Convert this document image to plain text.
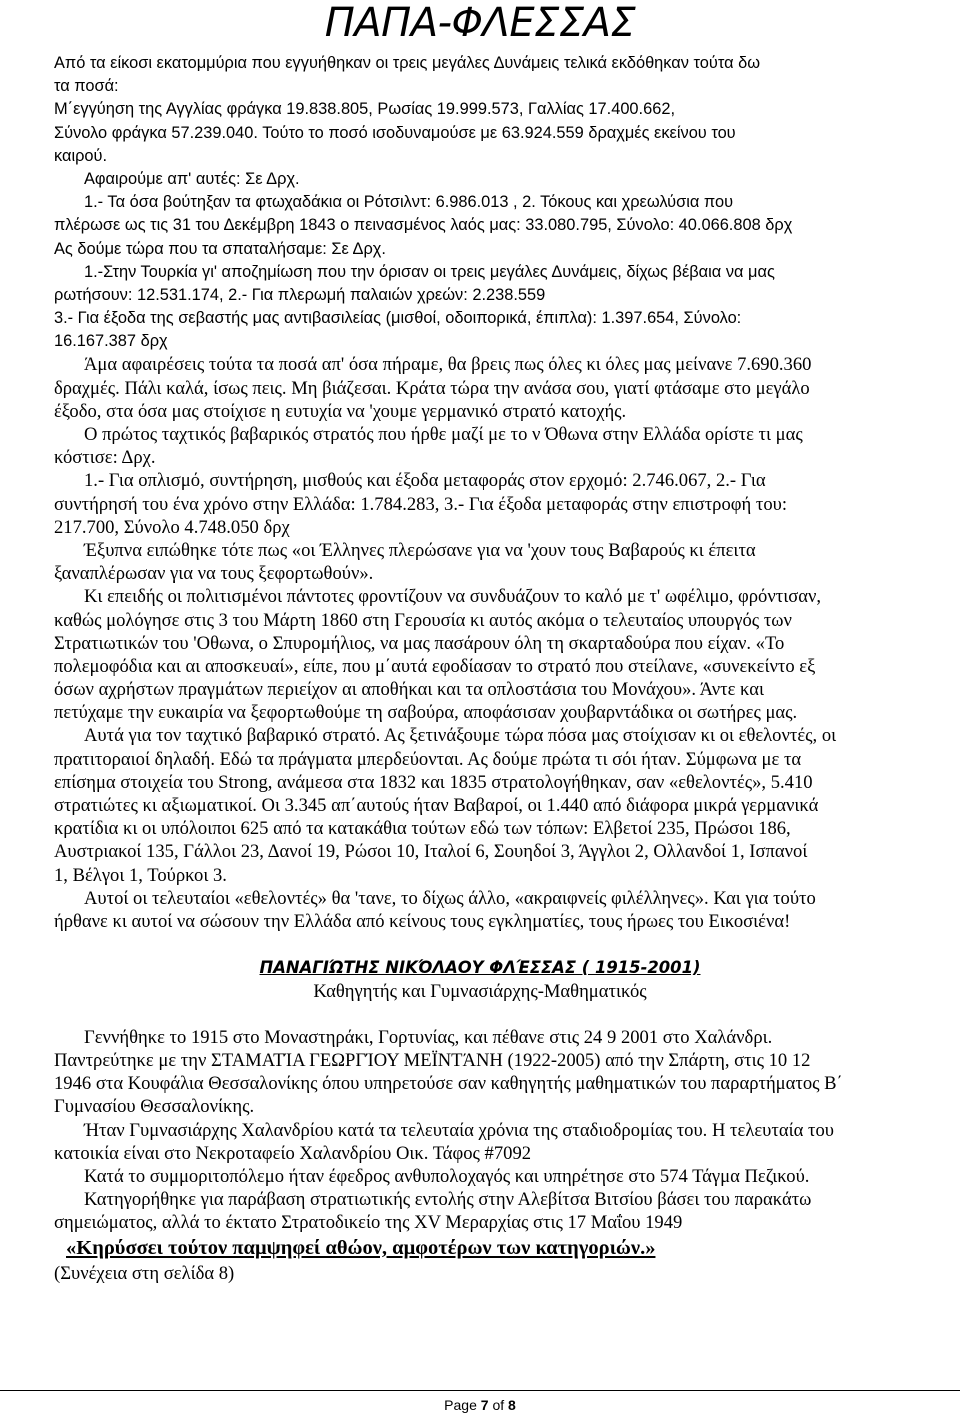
ΠΑΠΑ-ΦΛΕΣΣΑΣ
Από τα είκοσι εκατομμύρια που εγγυήθηκαν οι τρεις μεγάλες Δυνάμεις τελικά εκδόθηκαν τούτα δω
τα ποσά:
Μ΄εγγύηση της Αγγλίας φράγκα 19.838.805, Ρωσίας 19.999.573, Γαλλίας 17.400.662,
Σύνολο φράγκα 57.239.040. Τούτο το ποσό ισοδυναμούσε με 63.924.559 δραχμές εκείνου του
καιρού.
Αφαιρούμε απ' αυτές: Σε Δρχ.
1.- Τα όσα βούτηξαν τα φτωχαδάκια οι Ρότσιλντ: 6.986.013 , 2. Τόκους και χρεωλύσια που
πλέρωσε ως τις 31 του Δεκέμβρη 1843 ο πεινασμένος λαός μας: 33.080.795, Σύνολο: 40.066.808 δρχ
Ας δούμε τώρα που τα σπαταλήσαμε: Σε Δρχ.
1.-Στην Τουρκία γι' αποζημίωση που την όρισαν οι τρεις μεγάλες Δυνάμεις, δίχως βέβαια να μας
ρωτήσουν: 12.531.174, 2.- Για πλερωμή παλαιών χρεών: 2.238.559
3.- Για έξοδα της σεβαστής μας αντιβασιλείας (μισθοί, οδοιπορικά, έπιπλα): 1.397.654, Σύνολο:
16.167.387 δρχ
Άμα αφαιρέσεις τούτα τα ποσά απ' όσα πήραμε, θα βρεις πως όλες κι όλες μας μείνανε 7.690.360
δραχμές. Πάλι καλά, ίσως πεις. Μη βιάζεσαι. Κράτα τώρα την ανάσα σου, γιατί φτάσαμε στο μεγάλο
έξοδο, στα όσα μας στοίχισε η ευτυχία να 'χουμε γερμανικό στρατό κατοχής.
Ο πρώτος ταχτικός βαβαρικός στρατός που ήρθε μαζί με το ν Όθωνα στην Ελλάδα ορίστε τι μας
κόστισε: Δρχ.
1.- Για οπλισμό, συντήρηση, μισθούς και έξοδα μεταφοράς στον ερχομό: 2.746.067, 2.- Για
συντήρησή του ένα χρόνο στην Ελλάδα: 1.784.283, 3.- Για έξοδα μεταφοράς στην επιστροφή του:
217.700, Σύνολο 4.748.050 δρχ
Έξυπνα ειπώθηκε τότε πως «οι Έλληνες πλερώσανε για να 'χουν τους Βαβαρούς κι έπειτα
ξαναπλέρωσαν για να τους ξεφορτωθούν».
Κι επειδής οι πολιτισμένοι πάντοτες φροντίζουν να συνδυάζουν το καλό με τ' ωφέλιμο, φρόντισαν,
καθώς μολόγησε στις 3 του Μάρτη 1860 στη Γερουσία κι αυτός ακόμα ο τελευταίος υπουργός των
Στρατιωτικών του 'Οθωνα, ο Σπυρομήλιος, να μας πασάρουν όλη τη σκαρταδούρα που είχαν. «Το
πολεμοφόδια και αι αποσκευαί», είπε, που μ΄αυτά εφοδίασαν το στρατό που στείλανε, «συνεκείντο εξ
όσων αχρήστων πραγμάτων περιείχον αι αποθήκαι και τα οπλοστάσια του Μονάχου». Άντε και
πετύχαμε την ευκαιρία να ξεφορτωθούμε τη σαβούρα, αποφάσισαν χουβαρντάδικα οι σωτήρες μας.
Αυτά για τον ταχτικό βαβαρικό στρατό. Ας ξετινάξουμε τώρα πόσα μας στοίχισαν κι οι εθελοντές, οι
πρατιτοραιοί δηλαδή. Εδώ τα πράγματα μπερδεύονται. Ας δούμε πρώτα τι σόι ήταν. Σύμφωνα με τα
επίσημα στοιχεία του Strong, ανάμεσα στα 1832 και 1835 στρατολογήθηκαν, σαν «εθελοντές», 5.410
στρατιώτες κι αξιωματικοί. Οι 3.345 απ΄αυτούς ήταν Βαβαροί, οι 1.440 από διάφορα μικρά γερμανικά
κρατίδια κι οι υπόλοιποι 625 από τα κατακάθια τούτων εδώ των τόπων: Ελβετοί 235, Πρώσοι 186,
Αυστριακοί 135, Γάλλοι 23, Δανοί 19, Ρώσοι 10, Ιταλοί 6, Σουηδοί 3, Άγγλοι 2, Ολλανδοί 1, Ισπανοί
1, Βέλγοι 1, Τούρκοι 3.
Αυτοί οι τελευταίοι «εθελοντές» θα 'τανε, το δίχως άλλο, «ακραιφνείς φιλέλληνες». Και για τούτο
ήρθανε κι αυτοί να σώσουν την Ελλάδα από κείνους τους εγκληματίες, τους ήρωες του Εικοσιένα!
ΠΑΝΑΓΙΏΤΗΣ ΝΙΚΌΛΑΟΥ ΦΛΈΣΣΑΣ ( 1915-2001)
Καθηγητής και Γυμνασιάρχης-Μαθηματικός
Γεννήθηκε το 1915 στο Μοναστηράκι, Γορτυνίας, και πέθανε στις 24 9 2001 στο Χαλάνδρι.
Παντρεύτηκε με την ΣΤΑΜΑΤΊΑ ΓΕΩΡΓΊΟΥ ΜΕΪΝΤΆΝΗ (1922-2005) από την Σπάρτη, στις 10 12
1946 στα Κουφάλια Θεσσαλονίκης όπου υπηρετούσε σαν καθηγητής μαθηματικών του παραρτήματος Β΄
Γυμνασίου Θεσσαλονίκης.
Ήταν Γυμνασιάρχης Χαλανδρίου κατά τα τελευταία χρόνια της σταδιοδρομίας του. Η τελευταία του
κατοικία είναι στο Νεκροταφείο Χαλανδρίου Οικ. Τάφος #7092
Κατά το συμμοριτοπόλεμο ήταν έφεδρος ανθυπολοχαγός και υπηρέτησε στο 574 Τάγμα Πεζικού.
Κατηγορήθηκε για παράβαση στρατιωτικής εντολής στην Αλεβίτσα Βιτσίου βάσει του παρακάτω
σημειώματος, αλλά το έκτατο Στρατοδικείο της XV Μεραρχίας στις 17 Μαΐου 1949
«Κηρύσσει τούτον παμψηφεί αθώον, αμφοτέρων των κατηγοριών.»
(Συνέχεια στη σελίδα 8)
Page 7 of 8
